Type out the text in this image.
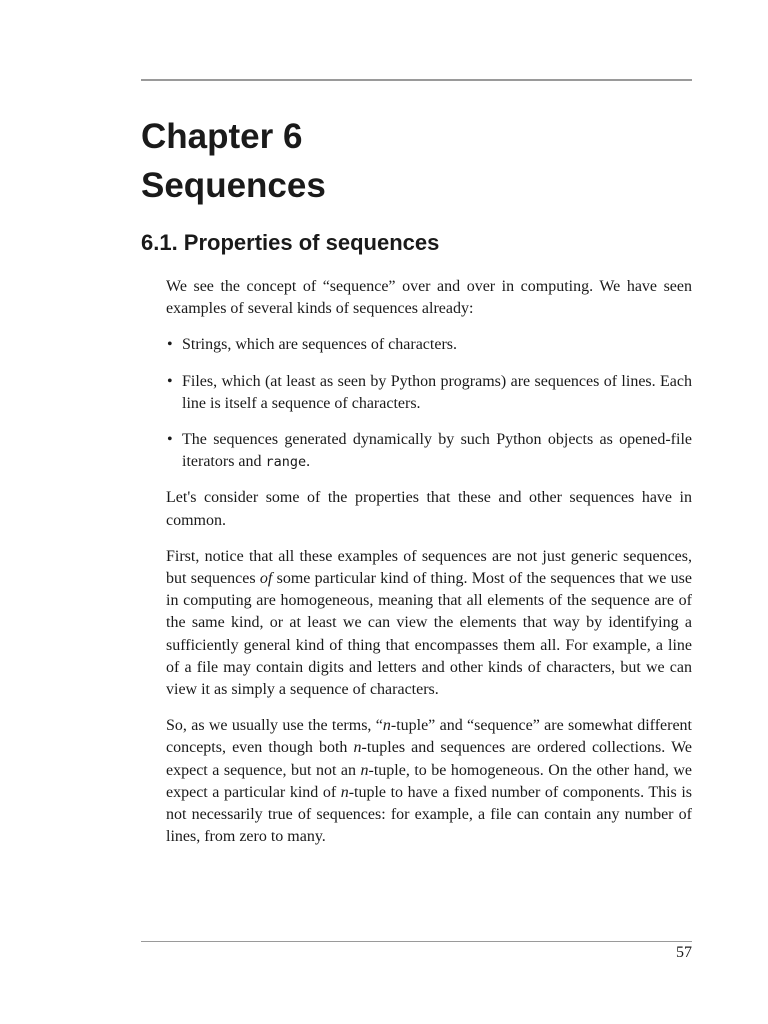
Chapter 6
Sequences
6.1. Properties of sequences

We see the concept of “sequence” over and over in computing. We have seen examples of several kinds of sequences already:

• Strings, which are sequences of characters.
• Files, which (at least as seen by Python programs) are sequences of lines. Each line is itself a sequence of characters.
• The sequences generated dynamically by such Python objects as opened-file iterators and range.

Let's consider some of the properties that these and other sequences have in common.

First, notice that all these examples of sequences are not just generic sequences, but sequences of some particular kind of thing. Most of the sequences that we use in computing are homogeneous, meaning that all elements of the sequence are of the same kind, or at least we can view the elements that way by identifying a sufficiently general kind of thing that encompasses them all. For example, a line of a file may contain digits and letters and other kinds of characters, but we can view it as simply a sequence of characters.

So, as we usually use the terms, “n-tuple” and “sequence” are somewhat different concepts, even though both n-tuples and sequences are ordered collections. We expect a sequence, but not an n-tuple, to be homogeneous. On the other hand, we expect a particular kind of n-tuple to have a fixed number of components. This is not necessarily true of sequences: for example, a file can contain any number of lines, from zero to many.

57
